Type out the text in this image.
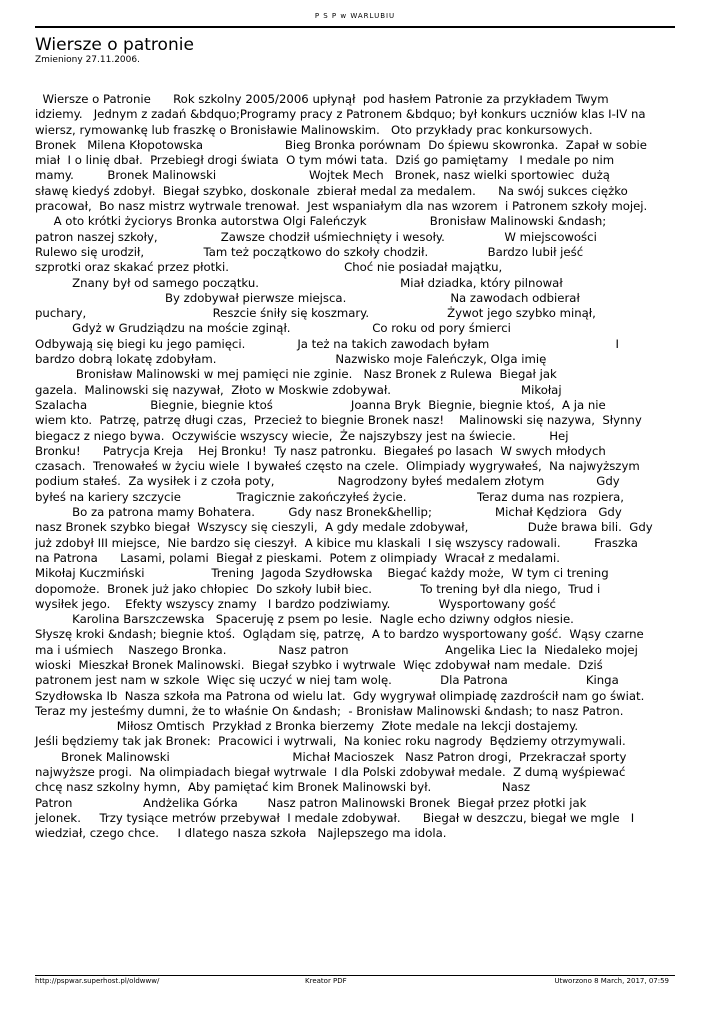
P S P w WARLUBIU
Wiersze o patronie
Zmieniony 27.11.2006.
Wiersze o Patronie      Rok szkolny 2005/2006 upłynął  pod hasłem Patronie za przykładem Twym
idziemy.   Jednym z zadań &bdquo;Programy pracy z Patronem &bdquo; był konkurs uczniów klas I-IV na
wiersz, rymowankę lub fraszkę o Bronisławie Malinowskim.   Oto przykłady prac konkursowych.
Bronek   Milena Kłopotowska                      Bieg Bronka porównam  Do śpiewu skowronka.  Zapał w sobie
miał  I o linię dbał.  Przebiegł drogi świata  O tym mówi tata.  Dziś go pamiętamy   I medale po nim
mamy.         Bronek Malinowski                         Wojtek Mech   Bronek, nasz wielki sportowiec  dużą
sławę kiedyś zdobył.  Biegał szybko, doskonale  zbierał medal za medalem.      Na swój sukces ciężko
pracował,  Bo nasz mistrz wytrwale trenował.  Jest wspaniałym dla nas wzorem  i Patronem szkoły mojej.
A oto krótki życiorys Bronka autorstwa Olgi Faleńczyk                 Bronisław Malinowski &ndash;
patron naszej szkoły,                 Zawsze chodził uśmiechnięty i wesoły.                W miejscowości
Rulewo się urodził,                Tam też początkowo do szkoły chodził.                Bardzo lubił jeść
szprotki oraz skakać przez płotki.                               Choć nie posiadał majątku,
Znany był od samego początku.                                      Miał dziadka, który pilnował
By zdobywał pierwsze miejsca.                            Na zawodach odbierał
puchary,                                  Reszcie śniły się koszmary.                     Żywot jego szybko minął,
Gdyż w Grudziądzu na moście zginął.                      Co roku od pory śmierci
Odbywają się biegi ku jego pamięci.              Ja też na takich zawodach byłam                                  I
bardzo dobrą lokatę zdobyłam.                                Nazwisko moje Faleńczyk, Olga imię
Bronisław Malinowski w mej pamięci nie zginie.   Nasz Bronek z Rulewa  Biegał jak
gazela.  Malinowski się nazywał,  Złoto w Moskwie zdobywał.                                   Mikołaj
Szalacha                 Biegnie, biegnie ktoś                     Joanna Bryk  Biegnie, biegnie ktoś,  A ja nie
wiem kto.  Patrzę, patrzę długi czas,  Przecież to biegnie Bronek nasz!    Malinowski się nazywa,  Słynny
biegacz z niego bywa.  Oczywiście wszyscy wiecie,  Że najszybszy jest na świecie.         Hej
Bronku!      Patrycja Kreja    Hej Bronku!  Ty nasz patronku.  Biegałeś po lasach  W swych młodych
czasach.  Trenowałeś w życiu wiele  I bywałeś często na czele.  Olimpiady wygrywałeś,  Na najwyższym
podium stałeś.  Za wysiłek i z czoła poty,                 Nagrodzony byłeś medalem złotym              Gdy
byłeś na kariery szczycie               Tragicznie zakończyłeś życie.                   Teraz duma nas rozpiera,
Bo za patrona mamy Bohatera.         Gdy nasz Bronek&hellip;                 Michał Kędziora   Gdy
nasz Bronek szybko biegał  Wszyscy się cieszyli,  A gdy medale zdobywał,                Duże brawa bili.  Gdy
już zdobył III miejsce,  Nie bardzo się cieszył.  A kibice mu klaskali  I się wszyscy radowali.         Fraszka
na Patrona      Lasami, polami  Biegał z pieskami.  Potem z olimpiady  Wracał z medalami.
Mikołaj Kuczmiński                  Trening  Jagoda Szydłowska    Biegać każdy może,  W tym ci trening
dopomoże.  Bronek już jako chłopiec  Do szkoły lubił biec.             To trening był dla niego,  Trud i
wysiłek jego.    Efekty wszyscy znamy   I bardzo podziwiamy.             Wysportowany gość
Karolina Barszczewska   Spaceruję z psem po lesie.  Nagle echo dziwny odgłos niesie.
Słyszę kroki &ndash; biegnie ktoś.  Oglądam się, patrzę,  A to bardzo wysportowany gość.  Wąsy czarne
ma i uśmiech    Naszego Bronka.              Nasz patron                          Angelika Liec Ia  Niedaleko mojej
wioski  Mieszkał Bronek Malinowski.  Biegał szybko i wytrwale  Więc zdobywał nam medale.  Dziś
patronem jest nam w szkole  Więc się uczyć w niej tam wolę.             Dla Patrona                     Kinga
Szydłowska Ib  Nasza szkoła ma Patrona od wielu lat.  Gdy wygrywał olimpiadę zazdrościł nam go świat.
Teraz my jesteśmy dumni, że to właśnie On &ndash;  - Bronisław Malinowski &ndash; to nasz Patron.
Miłosz Omtisch  Przykład z Bronka bierzemy  Złote medale na lekcji dostajemy.
Jeśli będziemy tak jak Bronek:  Pracowici i wytrwali,  Na koniec roku nagrody  Będziemy otrzymywali.
Bronek Malinowski                                 Michał Macioszek   Nasz Patron drogi,  Przekraczał sporty
najwyższe progi.  Na olimpiadach biegał wytrwale  I dla Polski zdobywał medale.  Z dumą wyśpiewać
chcę nasz szkolny hymn,  Aby pamiętać kim Bronek Malinowski był.                   Nasz
Patron                   Andżelika Górka        Nasz patron Malinowski Bronek  Biegał przez płotki jak
jelonek.     Trzy tysiące metrów przebywał  I medale zdobywał.      Biegał w deszczu, biegał we mgle   I
wiedział, czego chce.     I dlatego nasza szkoła   Najlepszego ma idola.
http://pspwar.superhost.pl/oldwww/	Kreator PDF	Utworzono 8 March, 2017, 07:59
